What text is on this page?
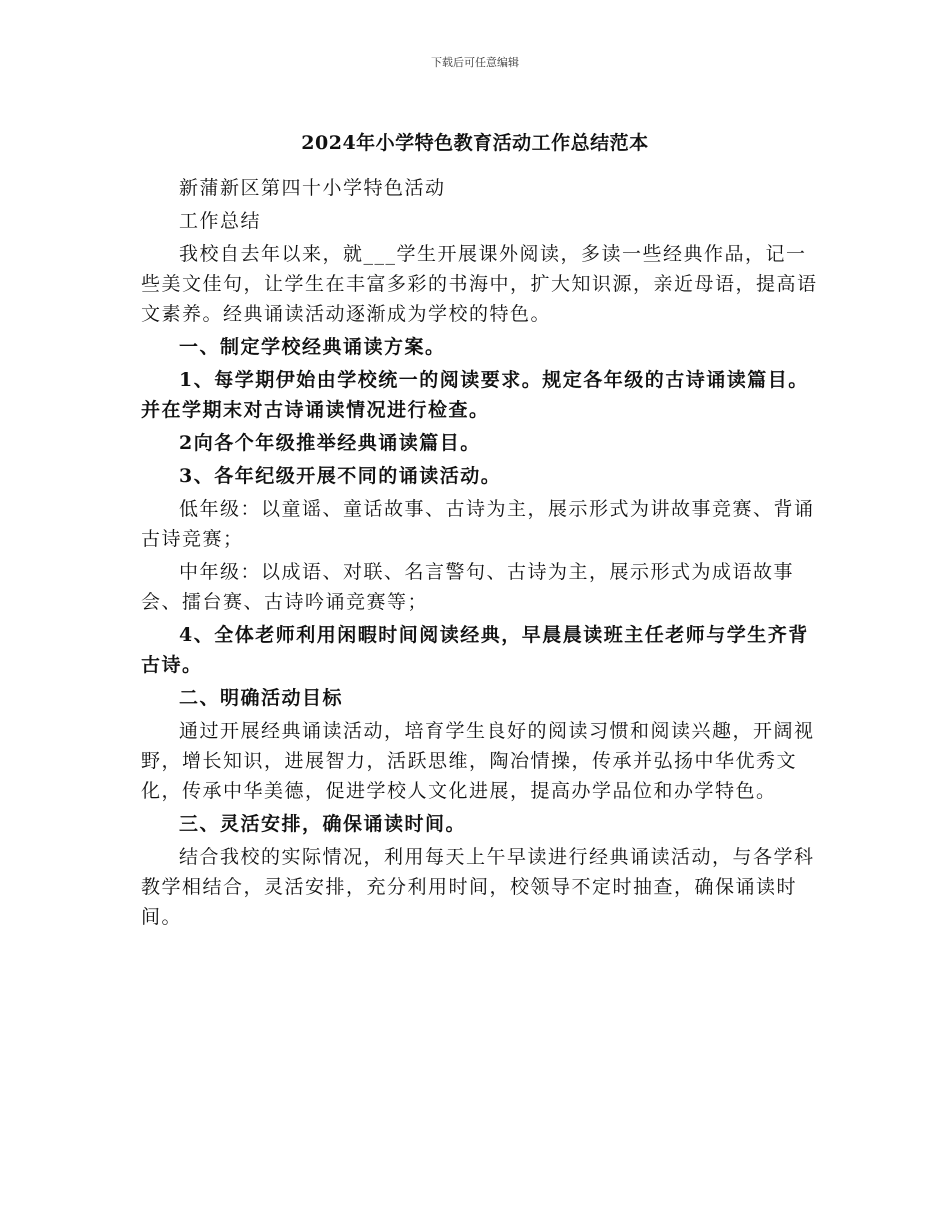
下载后可任意编辑
2024年小学特色教育活动工作总结范本

新蒲新区第四十小学特色活动

工作总结

我校自去年以来，就___学生开展课外阅读，多读一些经典作品，记一些美文佳句，让学生在丰富多彩的书海中，扩大知识源，亲近母语，提高语文素养。经典诵读活动逐渐成为学校的特色。

一、制定学校经典诵读方案。

1、每学期伊始由学校统一的阅读要求。规定各年级的古诗诵读篇目。并在学期末对古诗诵读情况进行检查。

2向各个年级推举经典诵读篇目。

3、各年纪级开展不同的诵读活动。

低年级：以童谣、童话故事、古诗为主，展示形式为讲故事竞赛、背诵古诗竞赛；

中年级：以成语、对联、名言警句、古诗为主，展示形式为成语故事会、擂台赛、古诗吟诵竞赛等；

4、全体老师利用闲暇时间阅读经典，早晨晨读班主任老师与学生齐背古诗。

二、明确活动目标

通过开展经典诵读活动，培育学生良好的阅读习惯和阅读兴趣，开阔视野，增长知识，进展智力，活跃思维，陶冶情操，传承并弘扬中华优秀文化，传承中华美德，促进学校人文化进展，提高办学品位和办学特色。

三、灵活安排，确保诵读时间。

结合我校的实际情况，利用每天上午早读进行经典诵读活动，与各学科教学相结合，灵活安排，充分利用时间，校领导不定时抽查，确保诵读时间。
